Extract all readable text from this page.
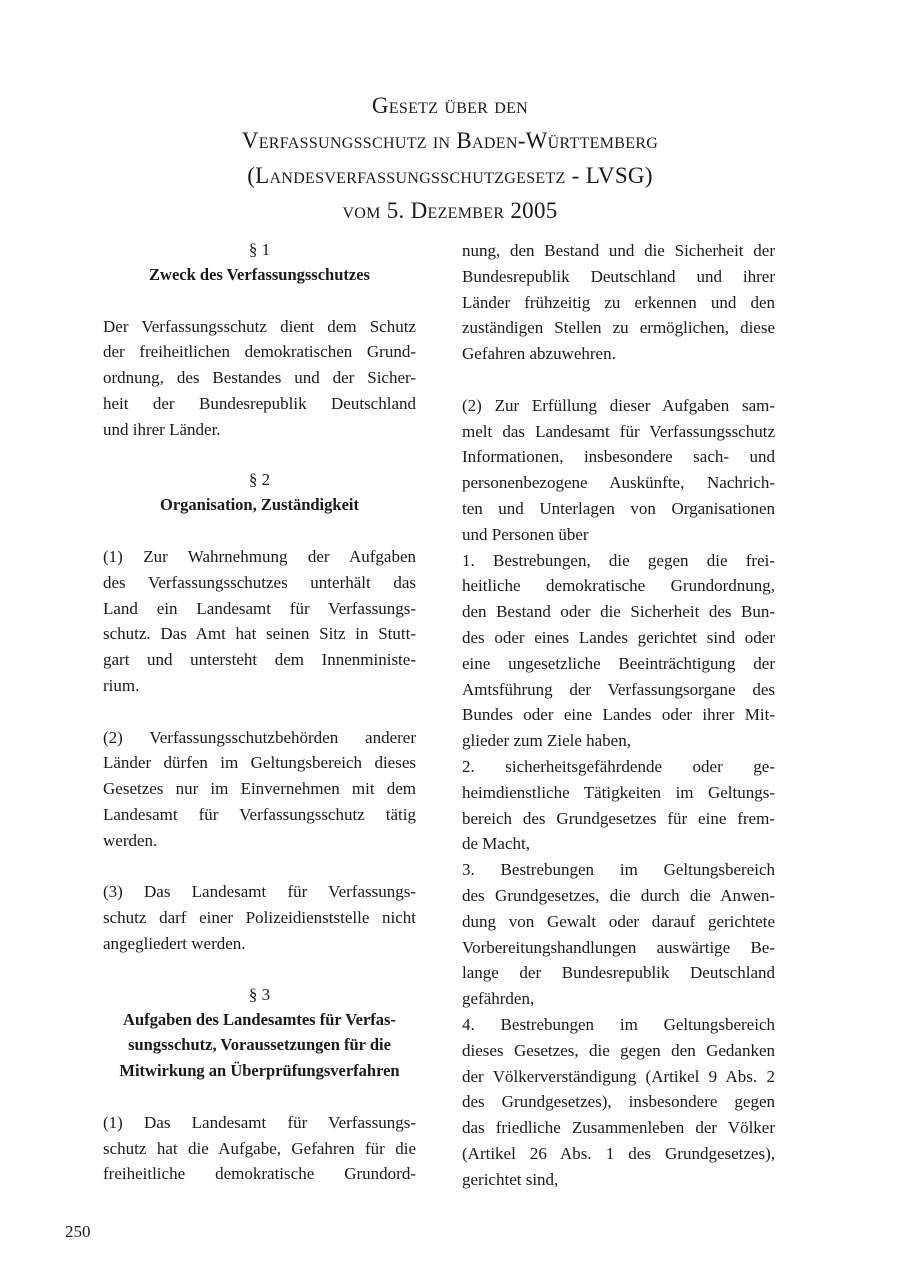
Gesetz über den
Verfassungsschutz in Baden-Württemberg
(Landesverfassungsschutzgesetz - LVSG)
vom 5. Dezember 2005
§ 1
Zweck des Verfassungsschutzes
Der Verfassungsschutz dient dem Schutz
der freiheitlichen demokratischen Grund-
ordnung, des Bestandes und der Sicher-
heit der Bundesrepublik Deutschland
und ihrer Länder.
§ 2
Organisation, Zuständigkeit
(1) Zur Wahrnehmung der Aufgaben
des Verfassungsschutzes unterhält das
Land ein Landesamt für Verfassungs-
schutz. Das Amt hat seinen Sitz in Stutt-
gart und untersteht dem Innenministe-
rium.
(2) Verfassungsschutzbehörden anderer
Länder dürfen im Geltungsbereich dieses
Gesetzes nur im Einvernehmen mit dem
Landesamt für Verfassungsschutz tätig
werden.
(3) Das Landesamt für Verfassungs-
schutz darf einer Polizeidienststelle nicht
angegliedert werden.
§ 3
Aufgaben des Landesamtes für Verfas-
sungsschutz, Voraussetzungen für die
Mitwirkung an Überprüfungsverfahren
(1) Das Landesamt für Verfassungs-
schutz hat die Aufgabe, Gefahren für die
freiheitliche demokratische Grundord-
nung, den Bestand und die Sicherheit der
Bundesrepublik Deutschland und ihrer
Länder frühzeitig zu erkennen und den
zuständigen Stellen zu ermöglichen, diese
Gefahren abzuwehren.
(2) Zur Erfüllung dieser Aufgaben sam-
melt das Landesamt für Verfassungsschutz
Informationen, insbesondere sach- und
personenbezogene Auskünfte, Nachrich-
ten und Unterlagen von Organisationen
und Personen über
1. Bestrebungen, die gegen die frei-
heitliche demokratische Grundordnung,
den Bestand oder die Sicherheit des Bun-
des oder eines Landes gerichtet sind oder
eine ungesetzliche Beeinträchtigung der
Amtsführung der Verfassungsorgane des
Bundes oder eine Landes oder ihrer Mit-
glieder zum Ziele haben,
2. sicherheitsgefährdende oder ge-
heimdienstliche Tätigkeiten im Geltungs-
bereich des Grundgesetzes für eine frem-
de Macht,
3. Bestrebungen im Geltungsbereich
des Grundgesetzes, die durch die Anwen-
dung von Gewalt oder darauf gerichtete
Vorbereitungshandlungen auswärtige Be-
lange der Bundesrepublik Deutschland
gefährden,
4. Bestrebungen im Geltungsbereich
dieses Gesetzes, die gegen den Gedanken
der Völkerverständigung (Artikel 9 Abs. 2
des Grundgesetzes), insbesondere gegen
das friedliche Zusammenleben der Völker
(Artikel 26 Abs. 1 des Grundgesetzes),
gerichtet sind,
250
